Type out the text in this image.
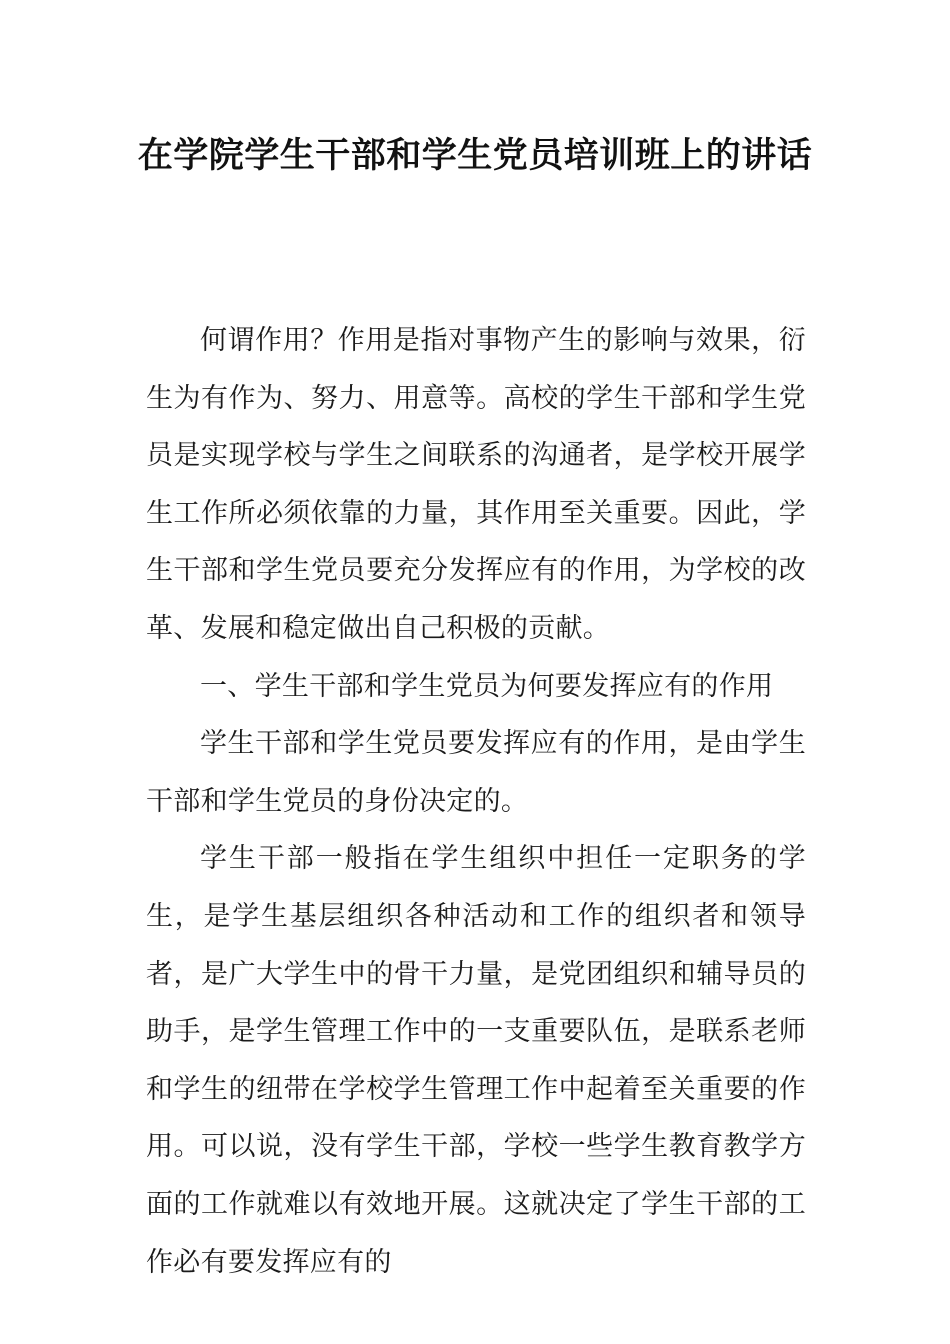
在学院学生干部和学生党员培训班上的讲话

何谓作用？作用是指对事物产生的影响与效果，衍生为有作为、努力、用意等。高校的学生干部和学生党员是实现学校与学生之间联系的沟通者，是学校开展学生工作所必须依靠的力量，其作用至关重要。因此，学生干部和学生党员要充分发挥应有的作用，为学校的改革、发展和稳定做出自己积极的贡献。

一、学生干部和学生党员为何要发挥应有的作用

学生干部和学生党员要发挥应有的作用，是由学生干部和学生党员的身份决定的。

学生干部一般指在学生组织中担任一定职务的学生，是学生基层组织各种活动和工作的组织者和领导者，是广大学生中的骨干力量，是党团组织和辅导员的助手，是学生管理工作中的一支重要队伍，是联系老师和学生的纽带在学校学生管理工作中起着至关重要的作用。可以说，没有学生干部，学校一些学生教育教学方面的工作就难以有效地开展。这就决定了学生干部的工作必有要发挥应有的
